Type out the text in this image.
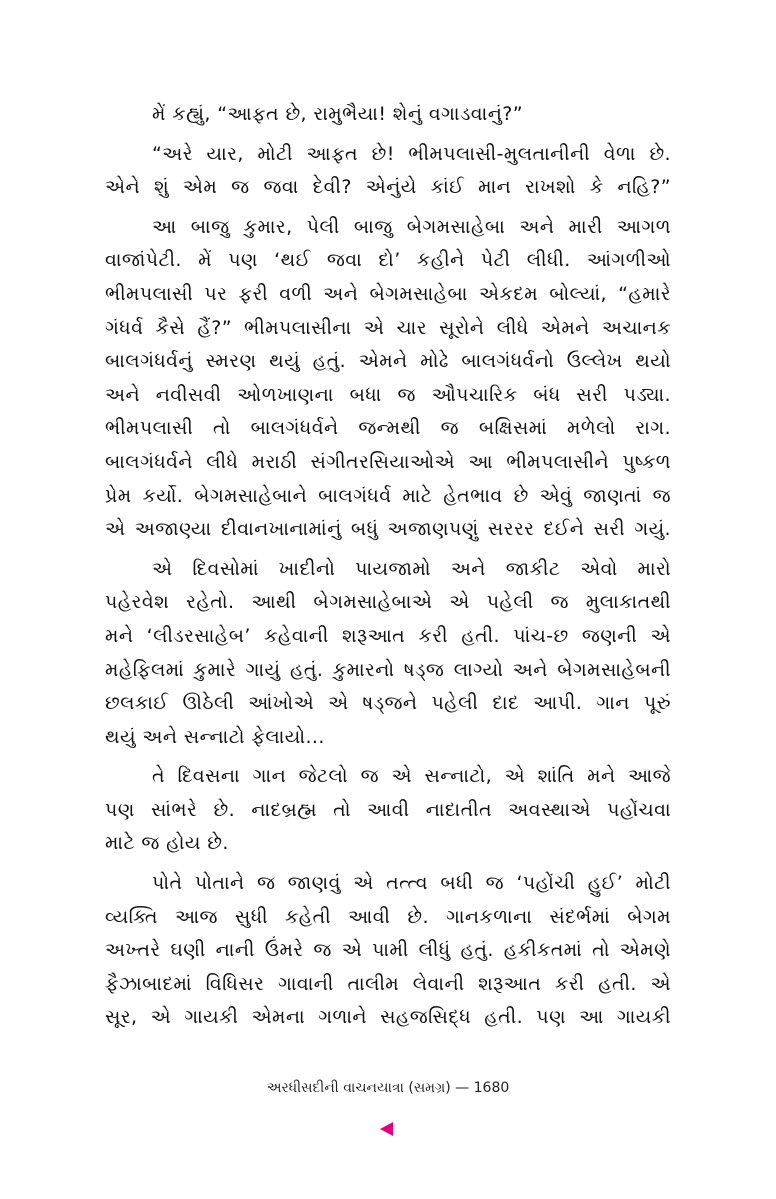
મેં કહ્યું, “આફત છે, રામુભૈયા! શેનું વગાડવાનું?”
“અરે યાર, મોટી આફત છે! ભીમપલાસી-મુલતાનીની વેળા છે.
એને શું એમ જ જવા દેવી? એનુંયે કાંઈ માન રાખશો કે નહિ?”
આ બાજુ કુમાર, પેલી બાજુ બેગમસાહેબા અને મારી આગળ
વાજાંપેટી. મેં પણ ‘થઈ જવા દો’ કહીને પેટી લીધી. આંગળીઓ
ભીમપલાસી પર ફરી વળી અને બેગમસાહેબા એકદમ બોલ્યાં, “હમારે
ગંધર્વ કૈસે હૈં?” ભીમપલાસીના એ ચાર સૂરોને લીધે એમને અચાનક
બાલગંધર્વનું સ્મરણ થયું હતું. એમને મોઢે બાલગંધર્વનો ઉલ્લેખ થયો
અને નવીસવી ઓળખાણના બધા જ ઔપચારિક બંધ સરી પડ્યા.
ભીમપલાસી તો બાલગંધર્વને જન્મથી જ બક્ષિસમાં મળેલો રાગ.
બાલગંધર્વને લીધે મરાઠી સંગીતરસિયાઓએ આ ભીમપલાસીને પુષ્કળ
પ્રેમ કર્યો. બેગમસાહેબાને બાલગંધર્વ માટે હેતભાવ છે એવું જાણતાં જ
એ અજાણ્યા દીવાનખાનામાંનું બધું અજાણપણું સરરર દઈને સરી ગયું.
એ દિવસોમાં ખાદીનો પાયજામો અને જાકીટ એવો મારો
પહેરવેશ રહેતો. આથી બેગમસાહેબાએ એ પહેલી જ મુલાકાતથી
મને ‘લીડરસાહેબ’ કહેવાની શરૂઆત કરી હતી. પાંચ-છ જણની એ
મહેફિલમાં કુમારે ગાયું હતું. કુમારનો ષડ્જ લાગ્યો અને બેગમસાહેબની
છલકાઈ ઊઠેલી આંખોએ એ ષડ્જને પહેલી દાદ આપી. ગાન પૂરું
થયું અને સન્નાટો ફેલાયો...
તે દિવસના ગાન જેટલો જ એ સન્નાટો, એ શાંતિ મને આજે
પણ સાંભરે છે. નાદબ્રહ્મ તો આવી નાદાતીત અવસ્થાએ પહોંચવા
માટે જ હોય છે.
પોતે પોતાને જ જાણવું એ તત્ત્વ બધી જ ‘પહોંચી હુઈ’ મોટી
વ્યક્તિ આજ સુધી કહેતી આવી છે. ગાનકળાના સંદર્ભમાં બેગમ
અખ્તરે ઘણી નાની ઉંમરે જ એ પામી લીધું હતું. હકીકતમાં તો એમણે
ફૈઝાબાદમાં વિધિસર ગાવાની તાલીમ લેવાની શરૂઆત કરી હતી. એ
સૂર, એ ગાયકી એમના ગળાને સહજસિદ્ધ હતી. પણ આ ગાયકી
અરધીસદીની વાચનયાત્રા (સમગ્ર) — 1680
